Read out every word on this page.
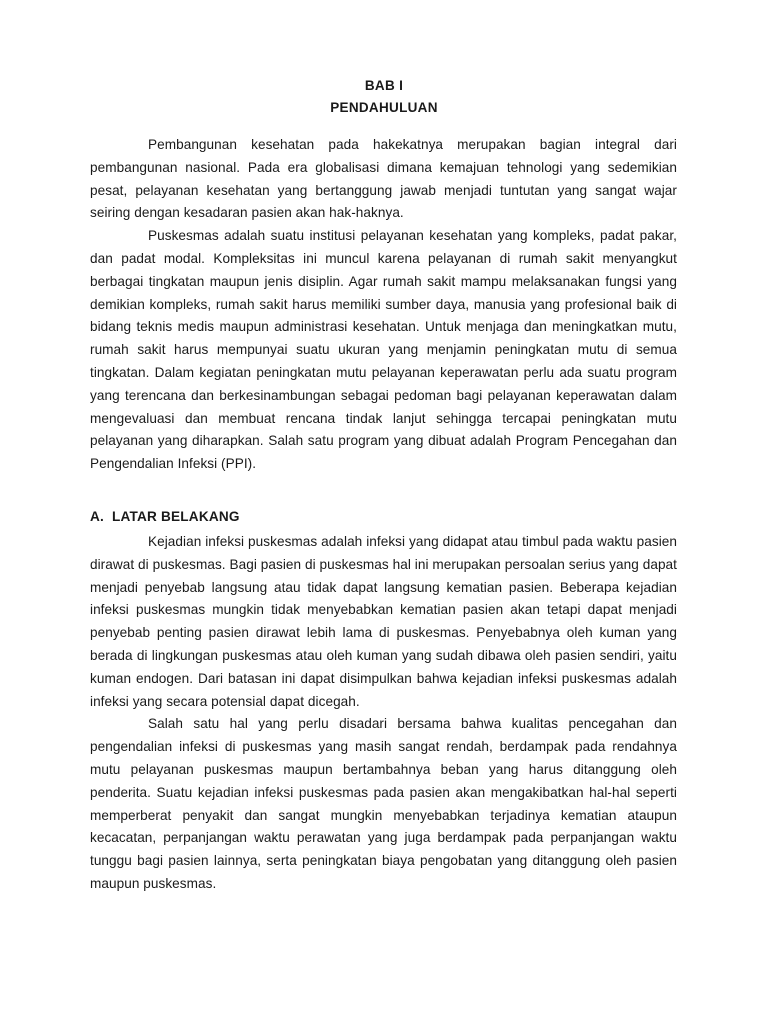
BAB I
PENDAHULUAN

Pembangunan kesehatan pada hakekatnya merupakan bagian integral dari pembangunan nasional. Pada era globalisasi dimana kemajuan tehnologi yang sedemikian pesat, pelayanan kesehatan yang bertanggung jawab menjadi tuntutan yang sangat wajar seiring dengan kesadaran pasien akan hak-haknya.

Puskesmas adalah suatu institusi pelayanan kesehatan yang kompleks, padat pakar, dan padat modal. Kompleksitas ini muncul karena pelayanan di rumah sakit menyangkut berbagai tingkatan maupun jenis disiplin. Agar rumah sakit mampu melaksanakan fungsi yang demikian kompleks, rumah sakit harus memiliki sumber daya, manusia yang profesional baik di bidang teknis medis maupun administrasi kesehatan. Untuk menjaga dan meningkatkan mutu, rumah sakit harus mempunyai suatu ukuran yang menjamin peningkatan mutu di semua tingkatan. Dalam kegiatan peningkatan mutu pelayanan keperawatan perlu ada suatu program yang terencana dan berkesinambungan sebagai pedoman bagi pelayanan keperawatan dalam mengevaluasi dan membuat rencana tindak lanjut sehingga tercapai peningkatan mutu pelayanan yang diharapkan. Salah satu program yang dibuat adalah Program Pencegahan dan Pengendalian Infeksi (PPI).

A. LATAR BELAKANG

Kejadian infeksi puskesmas adalah infeksi yang didapat atau timbul pada waktu pasien dirawat di puskesmas. Bagi pasien di puskesmas hal ini merupakan persoalan serius yang dapat menjadi penyebab langsung atau tidak dapat langsung kematian pasien. Beberapa kejadian infeksi puskesmas mungkin tidak menyebabkan kematian pasien akan tetapi dapat menjadi penyebab penting pasien dirawat lebih lama di puskesmas. Penyebabnya oleh kuman yang berada di lingkungan puskesmas atau oleh kuman yang sudah dibawa oleh pasien sendiri, yaitu kuman endogen. Dari batasan ini dapat disimpulkan bahwa kejadian infeksi puskesmas adalah infeksi yang secara potensial dapat dicegah.

Salah satu hal yang perlu disadari bersama bahwa kualitas pencegahan dan pengendalian infeksi di puskesmas yang masih sangat rendah, berdampak pada rendahnya mutu pelayanan puskesmas maupun bertambahnya beban yang harus ditanggung oleh penderita. Suatu kejadian infeksi puskesmas pada pasien akan mengakibatkan hal-hal seperti memperberat penyakit dan sangat mungkin menyebabkan terjadinya kematian ataupun kecacatan, perpanjangan waktu perawatan yang juga berdampak pada perpanjangan waktu tunggu bagi pasien lainnya, serta peningkatan biaya pengobatan yang ditanggung oleh pasien maupun puskesmas.
